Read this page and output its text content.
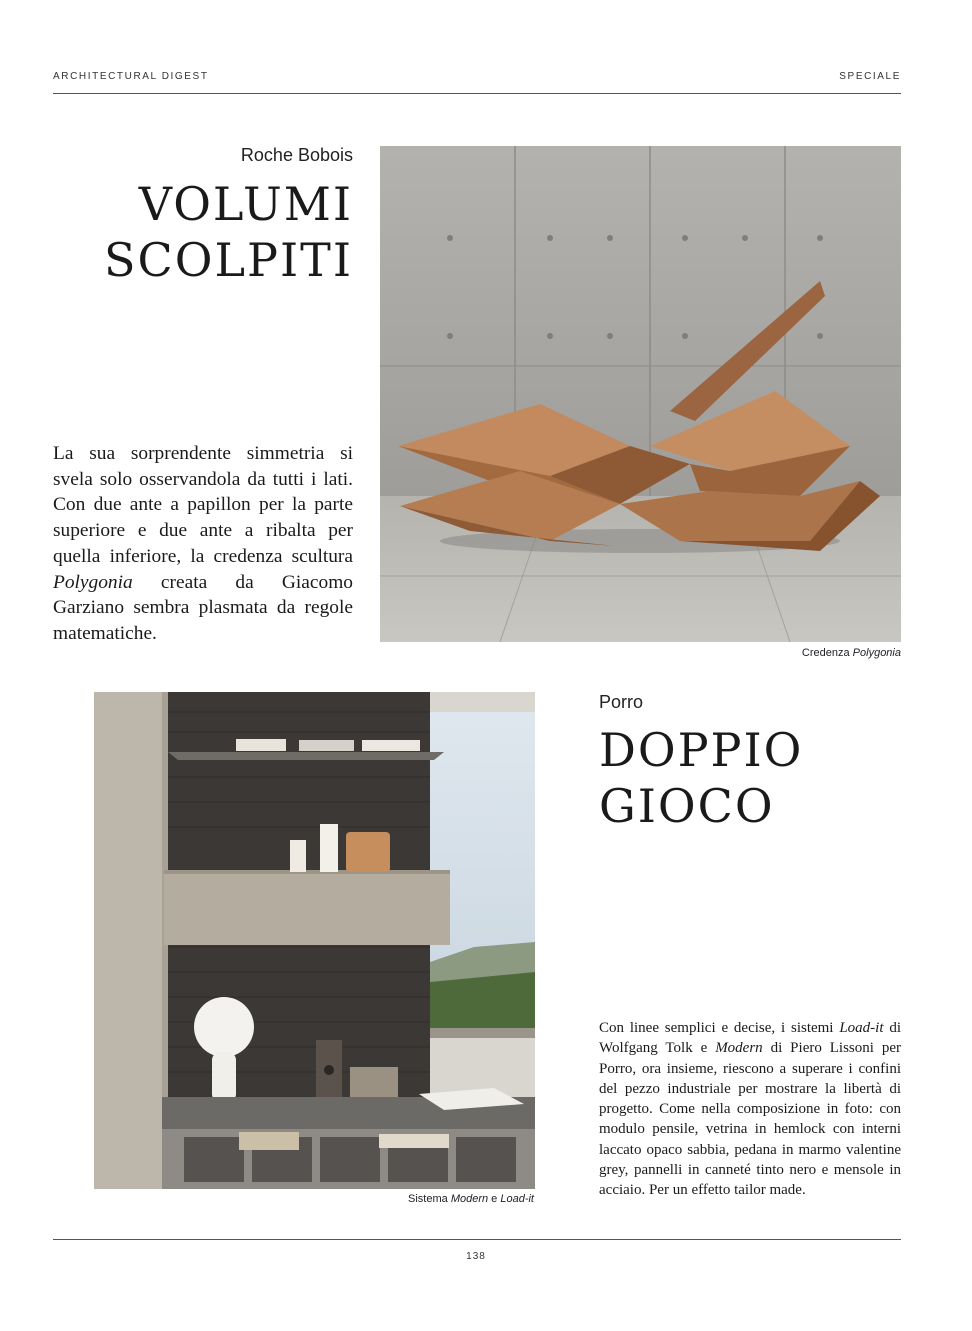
ARCHITECTURAL DIGEST	SPECIALE
Roche Bobois
VOLUMI
SCOLPITI

La sua sorprendente simmetria si svela solo osservandola da tutti i lati. Con due ante a papillon per la parte superiore e due ante a ribalta per quella inferiore, la credenza scultura Polygonia creata da Giacomo Garziano sembra plasmata da regole matematiche.

Credenza Polygonia
Sistema Modern e Load-it
Porro
DOPPIO
GIOCO

Con linee semplici e decise, i sistemi Load-it di Wolfgang Tolk e Modern di Piero Lissoni per Porro, ora insieme, riescono a superare i confini del pezzo industriale per mostrare la libertà di progetto. Come nella composizione in foto: con modulo pensile, vetrina in hemlock con interni laccato opaco sabbia, pedana in marmo valentine grey, pannelli in canneté tinto nero e mensole in acciaio. Per un effetto tailor made.

138
